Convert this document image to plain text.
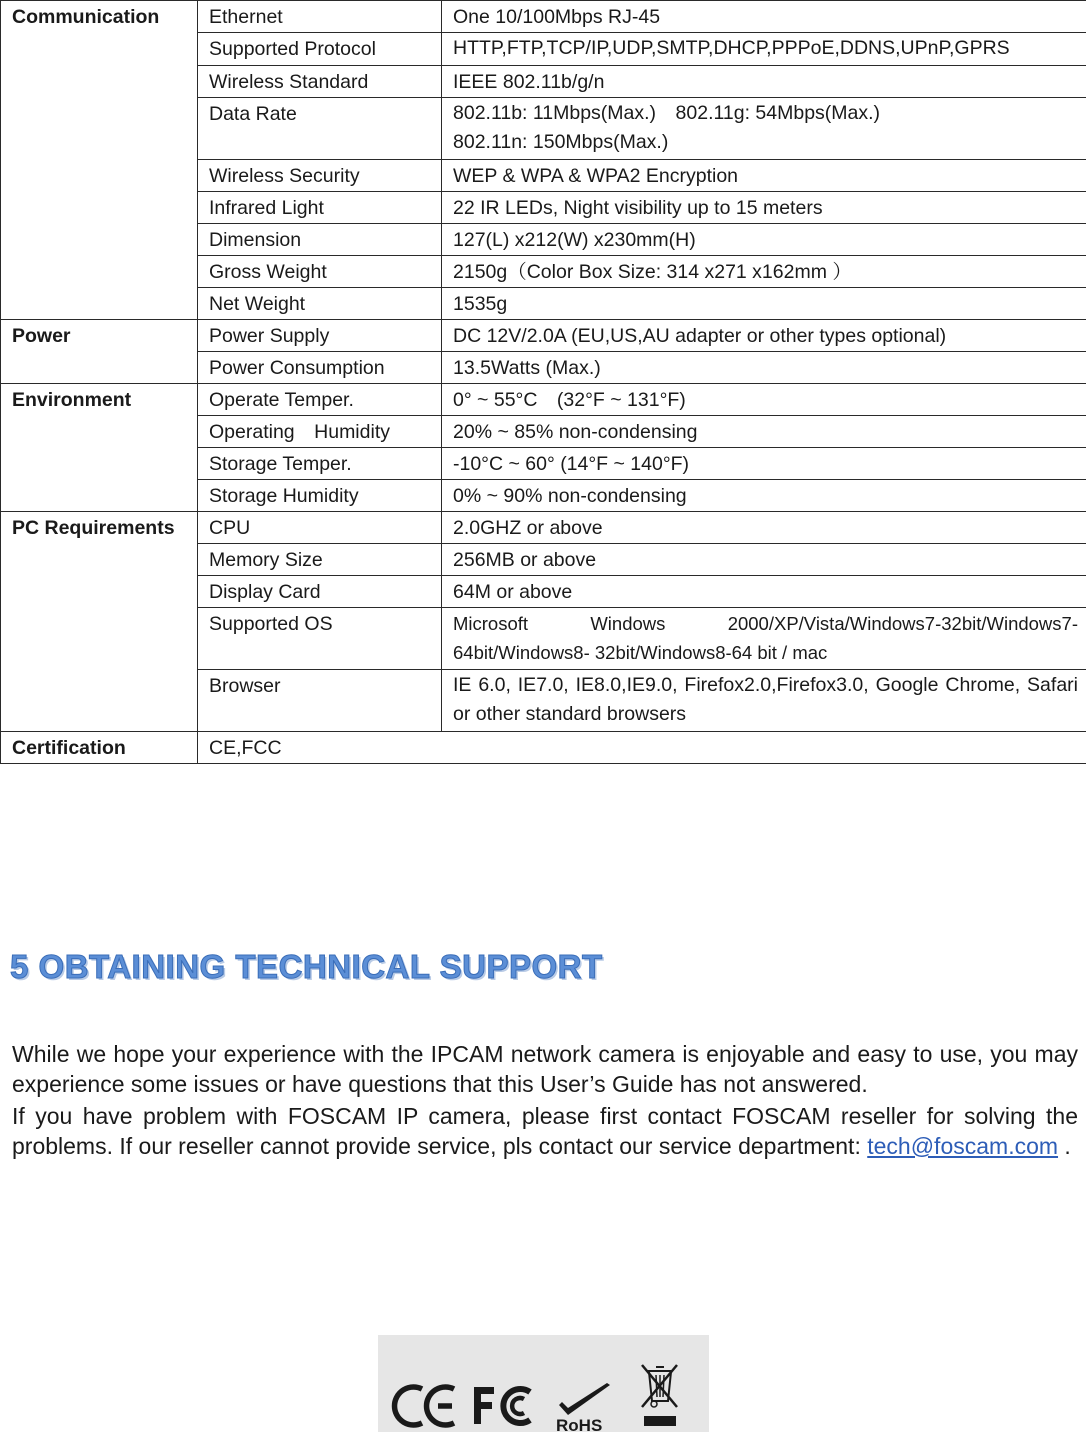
Communication	Ethernet	One 10/100Mbps RJ-45
	Supported Protocol	HTTP,FTP,TCP/IP,UDP,SMTP,DHCP,PPPoE,DDNS,UPnP,GPRS
	Wireless Standard	IEEE 802.11b/g/n
	Data Rate	802.11b: 11Mbps(Max.)　802.11g: 54Mbps(Max.)
802.11n: 150Mbps(Max.)

	Wireless Security	WEP & WPA & WPA2 Encryption
	Infrared Light	22 IR LEDs, Night visibility up to 15 meters
	Dimension	127(L) x212(W) x230mm(H)
	Gross Weight	2150g（Color Box Size: 314 x271 x162mm ）
	Net Weight	1535g
Power	Power Supply	DC 12V/2.0A (EU,US,AU adapter or other types optional)
	Power Consumption	13.5Watts (Max.)
Environment	Operate Temper.	0° ~ 55°C　(32°F ~ 131°F)
	Operating　Humidity	20% ~ 85% non-condensing
	Storage Temper.	-10°C ~ 60° (14°F ~ 140°F)
	Storage Humidity	0% ~ 90% non-condensing
PC Requirements	CPU	2.0GHZ or above
	Memory Size	256MB or above
	Display Card	64M or above
	Supported OS	Microsoft Windows 2000/XP/Vista/Windows7-32bit/Windows7-64bit/Windows8- 32bit/Windows8-64 bit / mac
	Browser	IE 6.0, IE7.0, IE8.0,IE9.0, Firefox2.0,Firefox3.0, Google Chrome, Safari or other standard browsers
Certification	CE,FCC	
5 OBTAINING TECHNICAL SUPPORT
While we hope your experience with the IPCAM network camera is enjoyable and easy to use, you may experience some issues or have questions that this User’s Guide has not answered.
If you have problem with FOSCAM IP camera, please first contact FOSCAM reseller for solving the problems. If our reseller cannot provide service, pls contact our service department: tech@foscam.com .
RoHS
